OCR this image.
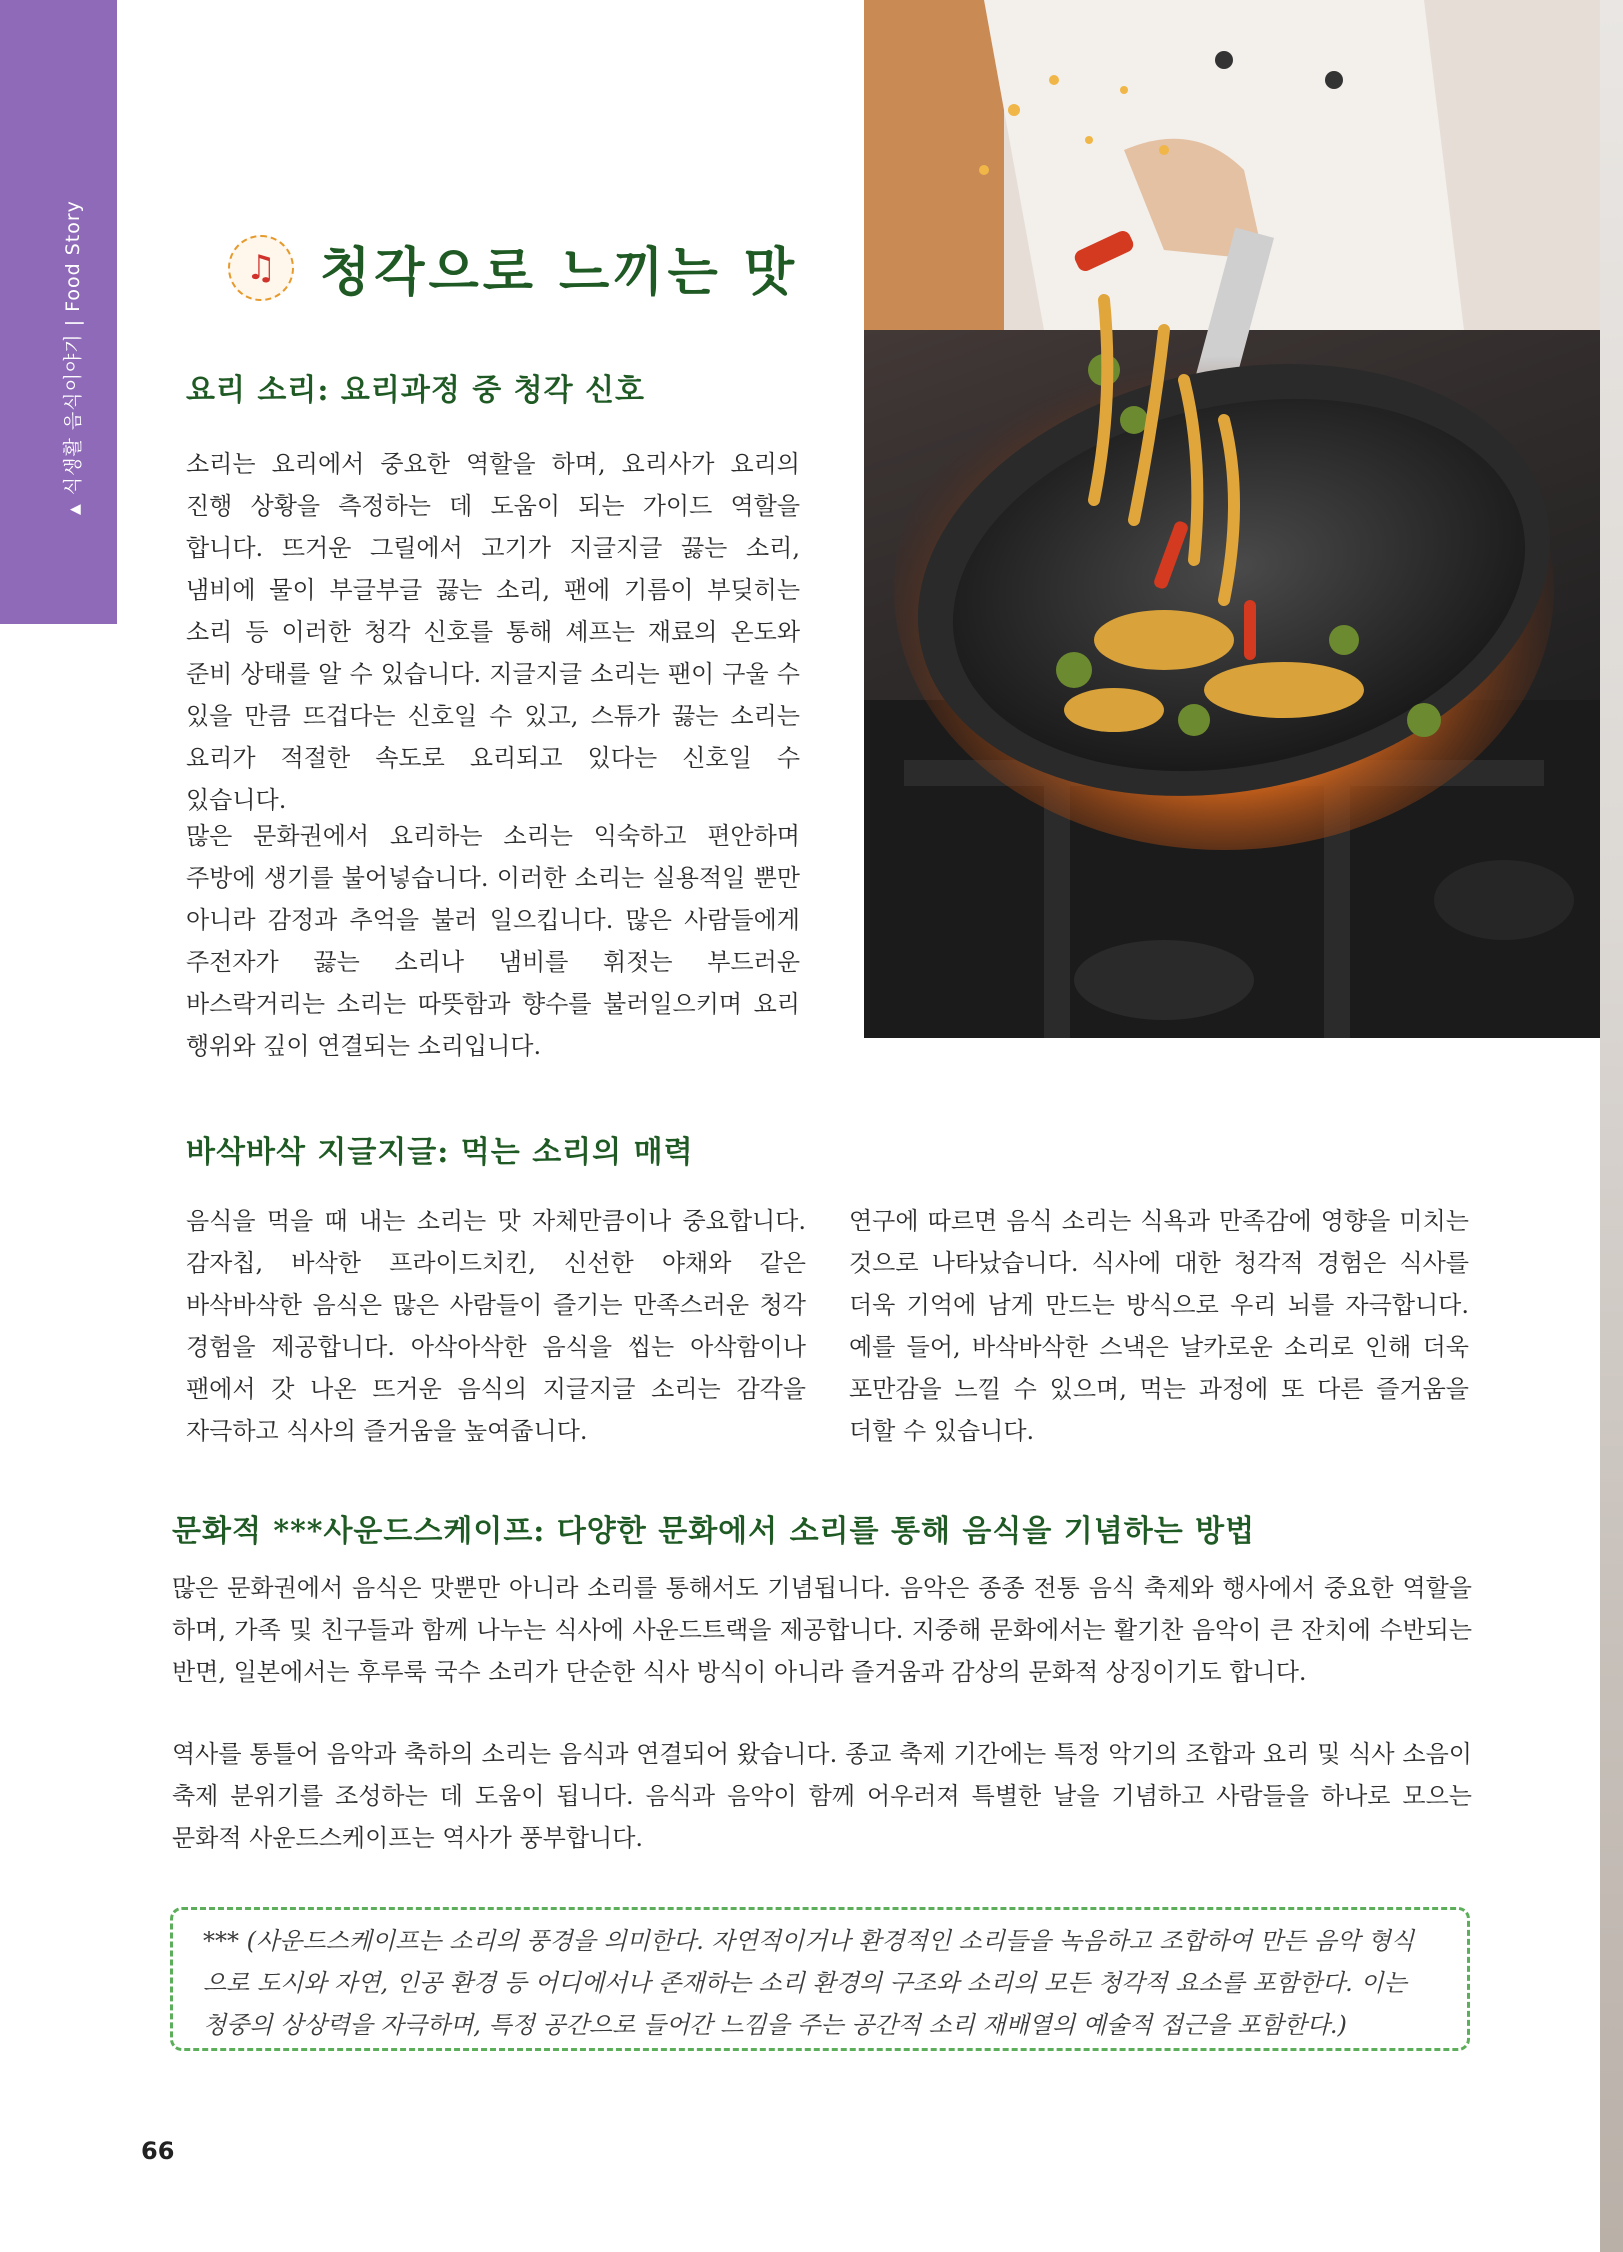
▲식생활 음식이야기 | Food Story	♫ 청각으로 느끼는 맛
요리 소리: 요리과정 중 청각 신호
소리는 요리에서 중요한 역할을 하며, 요리사가 요리의 진행 상황을 측정하는 데 도움이 되는 가이드 역할을 합니다. 뜨거운 그릴에서 고기가 지글지글 끓는 소리, 냄비에 물이 부글부글 끓는 소리, 팬에 기름이 부딪히는 소리 등 이러한 청각 신호를 통해 셰프는 재료의 온도와 준비 상태를 알 수 있습니다. 지글지글 소리는 팬이 구울 수 있을 만큼 뜨겁다는 신호일 수 있고, 스튜가 끓는 소리는 요리가 적절한 속도로 요리되고 있다는 신호일 수 있습니다.
많은 문화권에서 요리하는 소리는 익숙하고 편안하며 주방에 생기를 불어넣습니다. 이러한 소리는 실용적일 뿐만 아니라 감정과 추억을 불러 일으킵니다. 많은 사람들에게 주전자가 끓는 소리나 냄비를 휘젓는 부드러운 바스락거리는 소리는 따뜻함과 향수를 불러일으키며 요리 행위와 깊이 연결되는 소리입니다.
바삭바삭 지글지글: 먹는 소리의 매력
음식을 먹을 때 내는 소리는 맛 자체만큼이나 중요합니다. 감자칩, 바삭한 프라이드치킨, 신선한 야채와 같은 바삭바삭한 음식은 많은 사람들이 즐기는 만족스러운 청각 경험을 제공합니다. 아삭아삭한 음식을 씹는 아삭함이나 팬에서 갓 나온 뜨거운 음식의 지글지글 소리는 감각을 자극하고 식사의 즐거움을 높여줍니다.
연구에 따르면 음식 소리는 식욕과 만족감에 영향을 미치는 것으로 나타났습니다. 식사에 대한 청각적 경험은 식사를 더욱 기억에 남게 만드는 방식으로 우리 뇌를 자극합니다. 예를 들어, 바삭바삭한 스낵은 날카로운 소리로 인해 더욱 포만감을 느낄 수 있으며, 먹는 과정에 또 다른 즐거움을 더할 수 있습니다.
문화적 ***사운드스케이프: 다양한 문화에서 소리를 통해 음식을 기념하는 방법
많은 문화권에서 음식은 맛뿐만 아니라 소리를 통해서도 기념됩니다. 음악은 종종 전통 음식 축제와 행사에서 중요한 역할을 하며, 가족 및 친구들과 함께 나누는 식사에 사운드트랙을 제공합니다. 지중해 문화에서는 활기찬 음악이 큰 잔치에 수반되는 반면, 일본에서는 후루룩 국수 소리가 단순한 식사 방식이 아니라 즐거움과 감상의 문화적 상징이기도 합니다.
역사를 통틀어 음악과 축하의 소리는 음식과 연결되어 왔습니다. 종교 축제 기간에는 특정 악기의 조합과 요리 및 식사 소음이 축제 분위기를 조성하는 데 도움이 됩니다. 음식과 음악이 함께 어우러져 특별한 날을 기념하고 사람들을 하나로 모으는 문화적 사운드스케이프는 역사가 풍부합니다.
*** (사운드스케이프는 소리의 풍경을 의미한다. 자연적이거나 환경적인 소리들을 녹음하고 조합하여 만든 음악 형식으로 도시와 자연, 인공 환경 등 어디에서나 존재하는 소리 환경의 구조와 소리의 모든 청각적 요소를 포함한다. 이는 청중의 상상력을 자극하며, 특정 공간으로 들어간 느낌을 주는 공간적 소리 재배열의 예술적 접근을 포함한다.)
66
